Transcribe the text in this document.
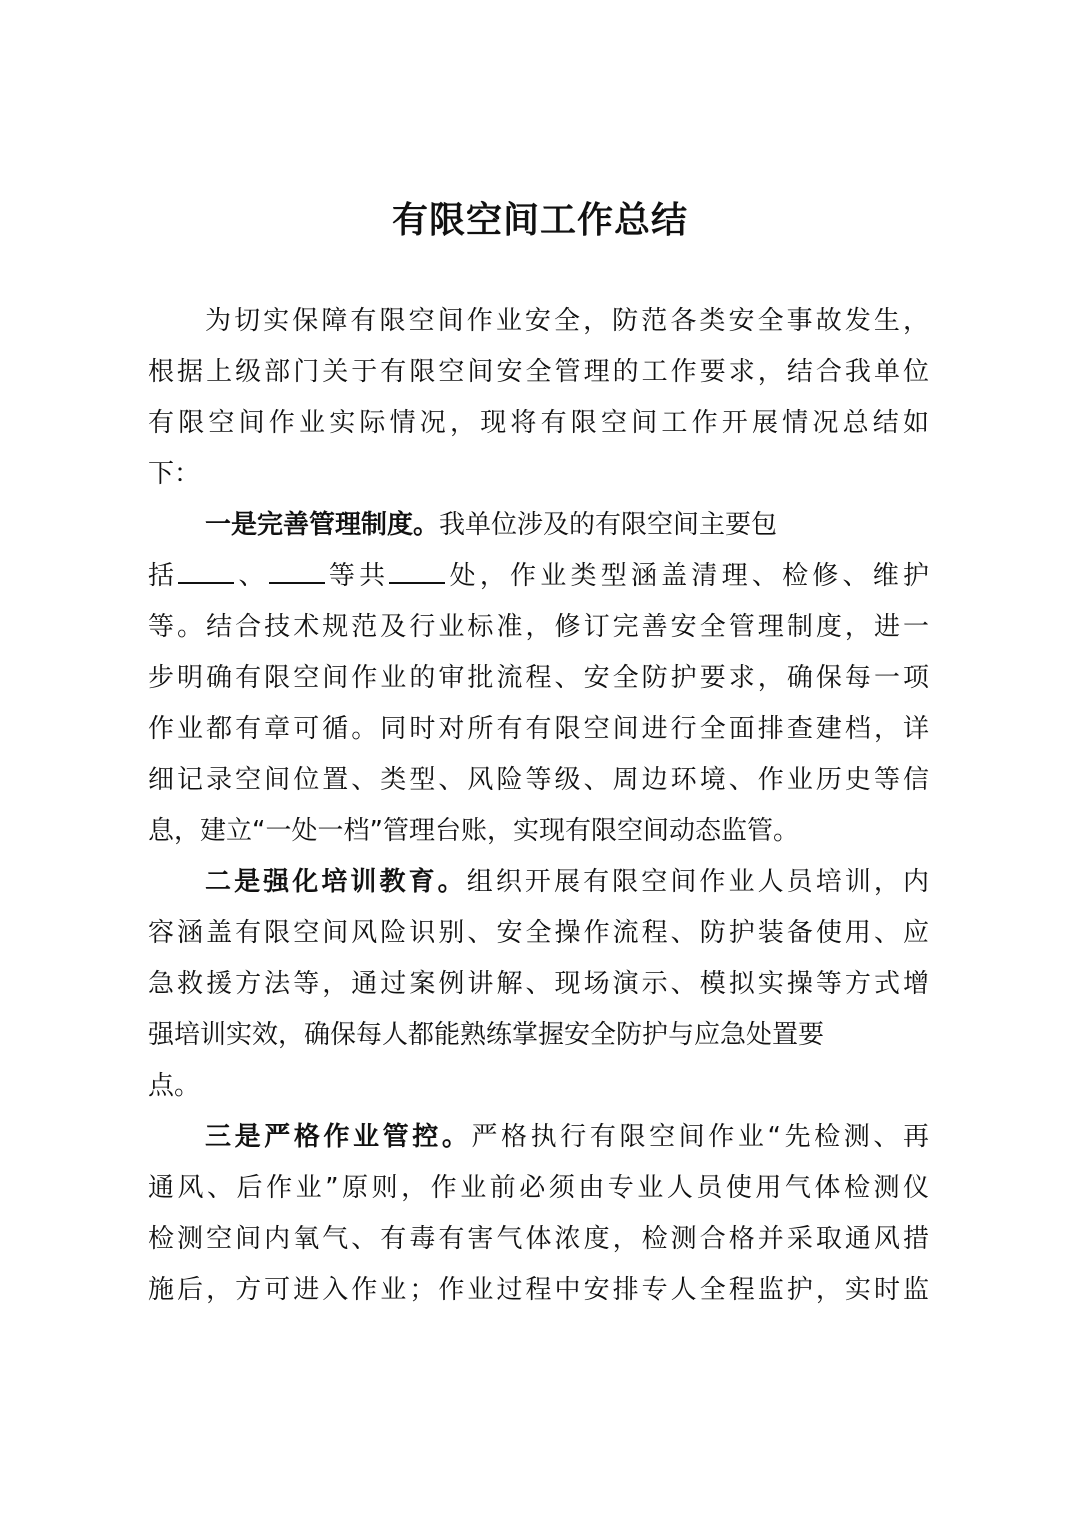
有限空间工作总结
为切实保障有限空间作业安全，防范各类安全事故发生，
根据上级部门关于有限空间安全管理的工作要求，结合我单位
有限空间作业实际情况，现将有限空间工作开展情况总结如
下：
一是完善管理制度。我单位涉及的有限空间主要包
括 、 等共 处，作业类型涵盖清理、检修、维护
等。结合技术规范及行业标准，修订完善安全管理制度，进一
步明确有限空间作业的审批流程、安全防护要求，确保每一项
作业都有章可循。同时对所有有限空间进行全面排查建档，详
细记录空间位置、类型、风险等级、周边环境、作业历史等信
息，建立“一处一档”管理台账，实现有限空间动态监管。
二是强化培训教育。组织开展有限空间作业人员培训，内
容涵盖有限空间风险识别、安全操作流程、防护装备使用、应
急救援方法等，通过案例讲解、现场演示、模拟实操等方式增
强培训实效，确保每人都能熟练掌握安全防护与应急处置要
点。
三是严格作业管控。严格执行有限空间作业“先检测、再
通风、后作业”原则，作业前必须由专业人员使用气体检测仪
检测空间内氧气、有毒有害气体浓度，检测合格并采取通风措
施后，方可进入作业；作业过程中安排专人全程监护，实时监
